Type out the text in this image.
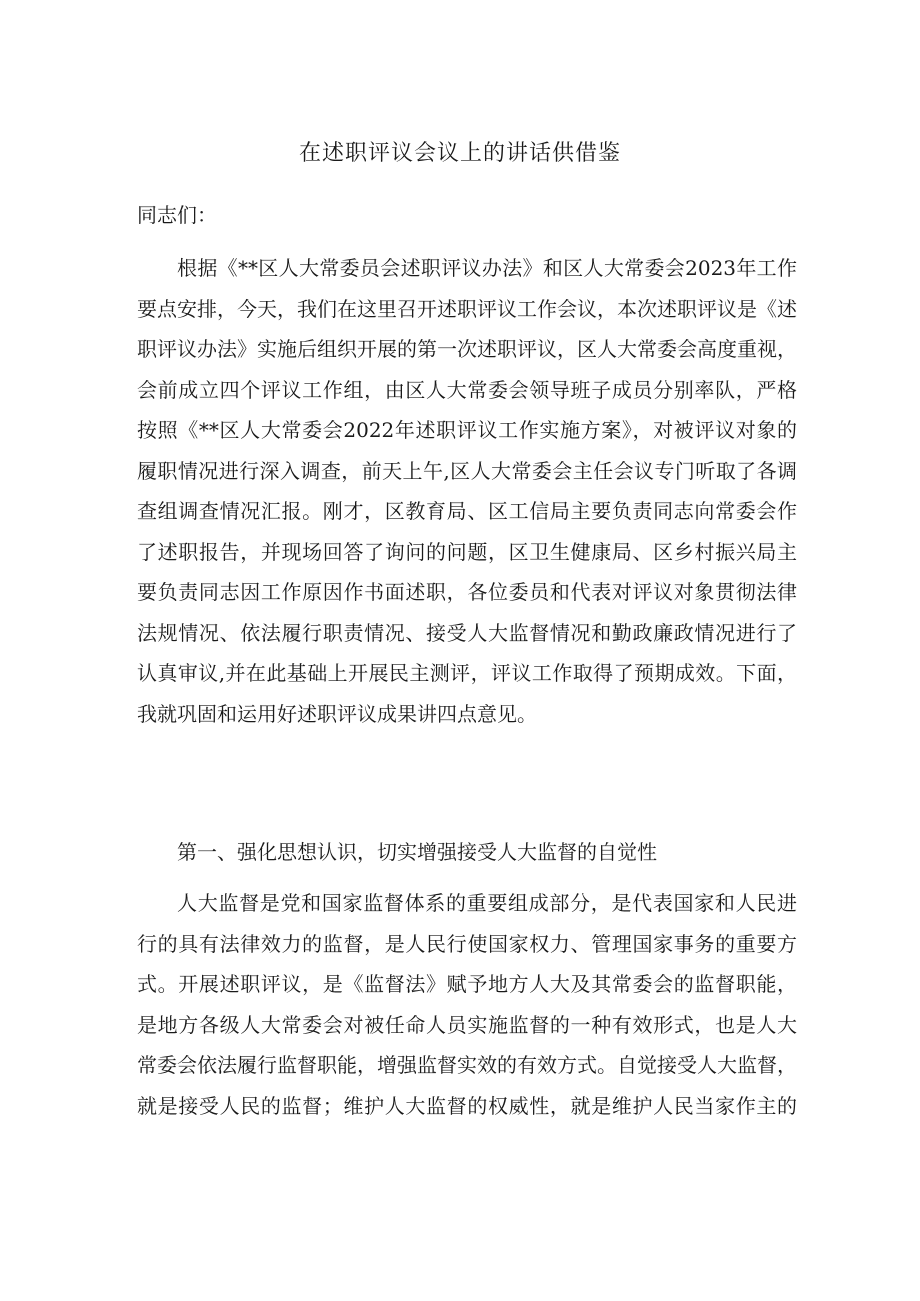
在述职评议会议上的讲话供借鉴
同志们：
根据《**区人大常委员会述职评议办法》和区人大常委会2023年工作
要点安排，今天，我们在这里召开述职评议工作会议，本次述职评议是《述
职评议办法》实施后组织开展的第一次述职评议，区人大常委会高度重视，
会前成立四个评议工作组，由区人大常委会领导班子成员分别率队，严格
按照《**区人大常委会2022年述职评议工作实施方案》，对被评议对象的
履职情况进行深入调查，前天上午,区人大常委会主任会议专门听取了各调
查组调查情况汇报。刚才，区教育局、区工信局主要负责同志向常委会作
了述职报告，并现场回答了询问的问题，区卫生健康局、区乡村振兴局主
要负责同志因工作原因作书面述职，各位委员和代表对评议对象贯彻法律
法规情况、依法履行职责情况、接受人大监督情况和勤政廉政情况进行了
认真审议,并在此基础上开展民主测评，评议工作取得了预期成效。下面，
我就巩固和运用好述职评议成果讲四点意见。
第一、强化思想认识，切实增强接受人大监督的自觉性
人大监督是党和国家监督体系的重要组成部分，是代表国家和人民进
行的具有法律效力的监督，是人民行使国家权力、管理国家事务的重要方
式。开展述职评议，是《监督法》赋予地方人大及其常委会的监督职能，
是地方各级人大常委会对被任命人员实施监督的一种有效形式，也是人大
常委会依法履行监督职能，增强监督实效的有效方式。自觉接受人大监督，
就是接受人民的监督；维护人大监督的权威性，就是维护人民当家作主的
